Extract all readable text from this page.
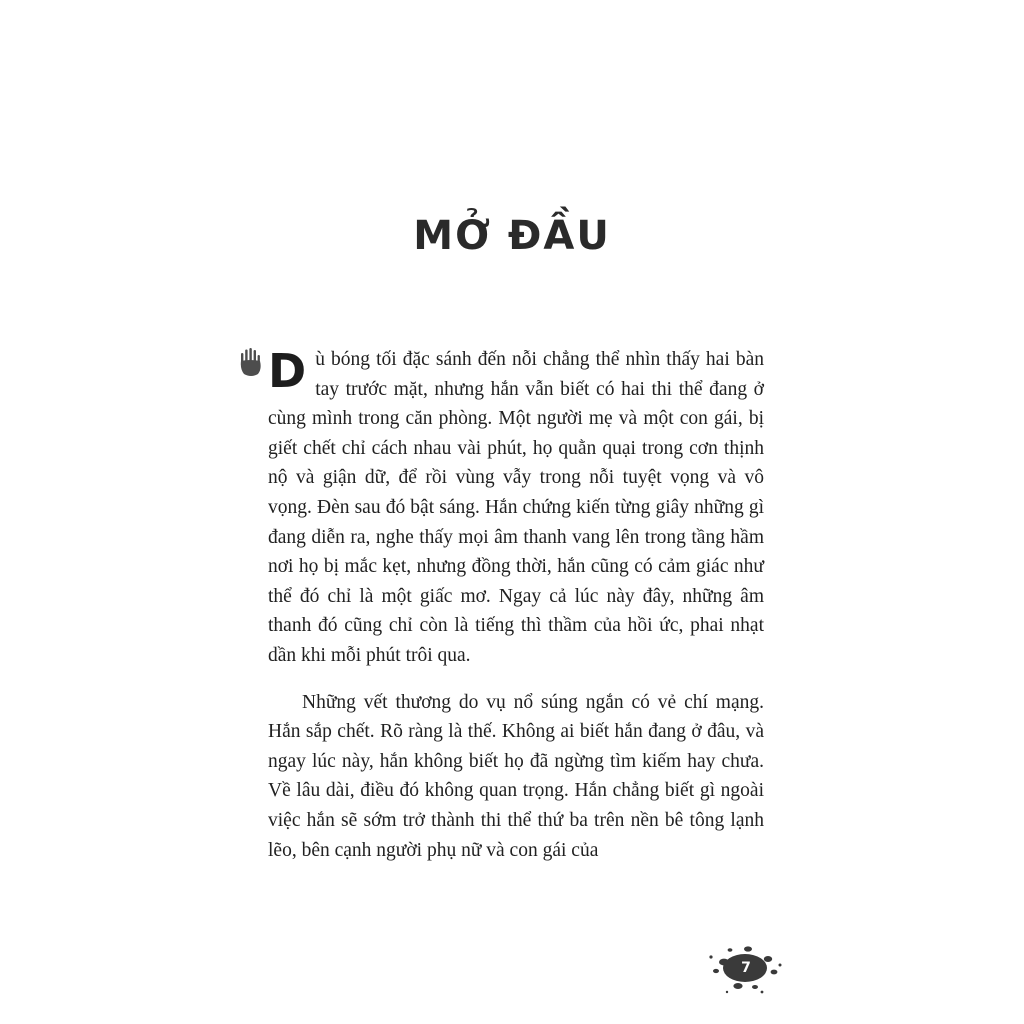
MỞ ĐẦU

D ù bóng tối đặc sánh đến nỗi chẳng thể nhìn thấy hai bàn tay trước mặt, nhưng hắn vẫn biết có hai thi thể đang ở cùng mình trong căn phòng. Một người mẹ và một con gái, bị giết chết chỉ cách nhau vài phút, họ quằn quại trong cơn thịnh nộ và giận dữ, để rồi vùng vẫy trong nỗi tuyệt vọng và vô vọng. Đèn sau đó bật sáng. Hắn chứng kiến từng giây những gì đang diễn ra, nghe thấy mọi âm thanh vang lên trong tầng hầm nơi họ bị mắc kẹt, nhưng đồng thời, hắn cũng có cảm giác như thể đó chỉ là một giấc mơ. Ngay cả lúc này đây, những âm thanh đó cũng chỉ còn là tiếng thì thầm của hồi ức, phai nhạt dần khi mỗi phút trôi qua.

Những vết thương do vụ nổ súng ngắn có vẻ chí mạng. Hắn sắp chết. Rõ ràng là thế. Không ai biết hắn đang ở đâu, và ngay lúc này, hắn không biết họ đã ngừng tìm kiếm hay chưa. Về lâu dài, điều đó không quan trọng. Hắn chẳng biết gì ngoài việc hắn sẽ sớm trở thành thi thể thứ ba trên nền bê tông lạnh lẽo, bên cạnh người phụ nữ và con gái của

7
